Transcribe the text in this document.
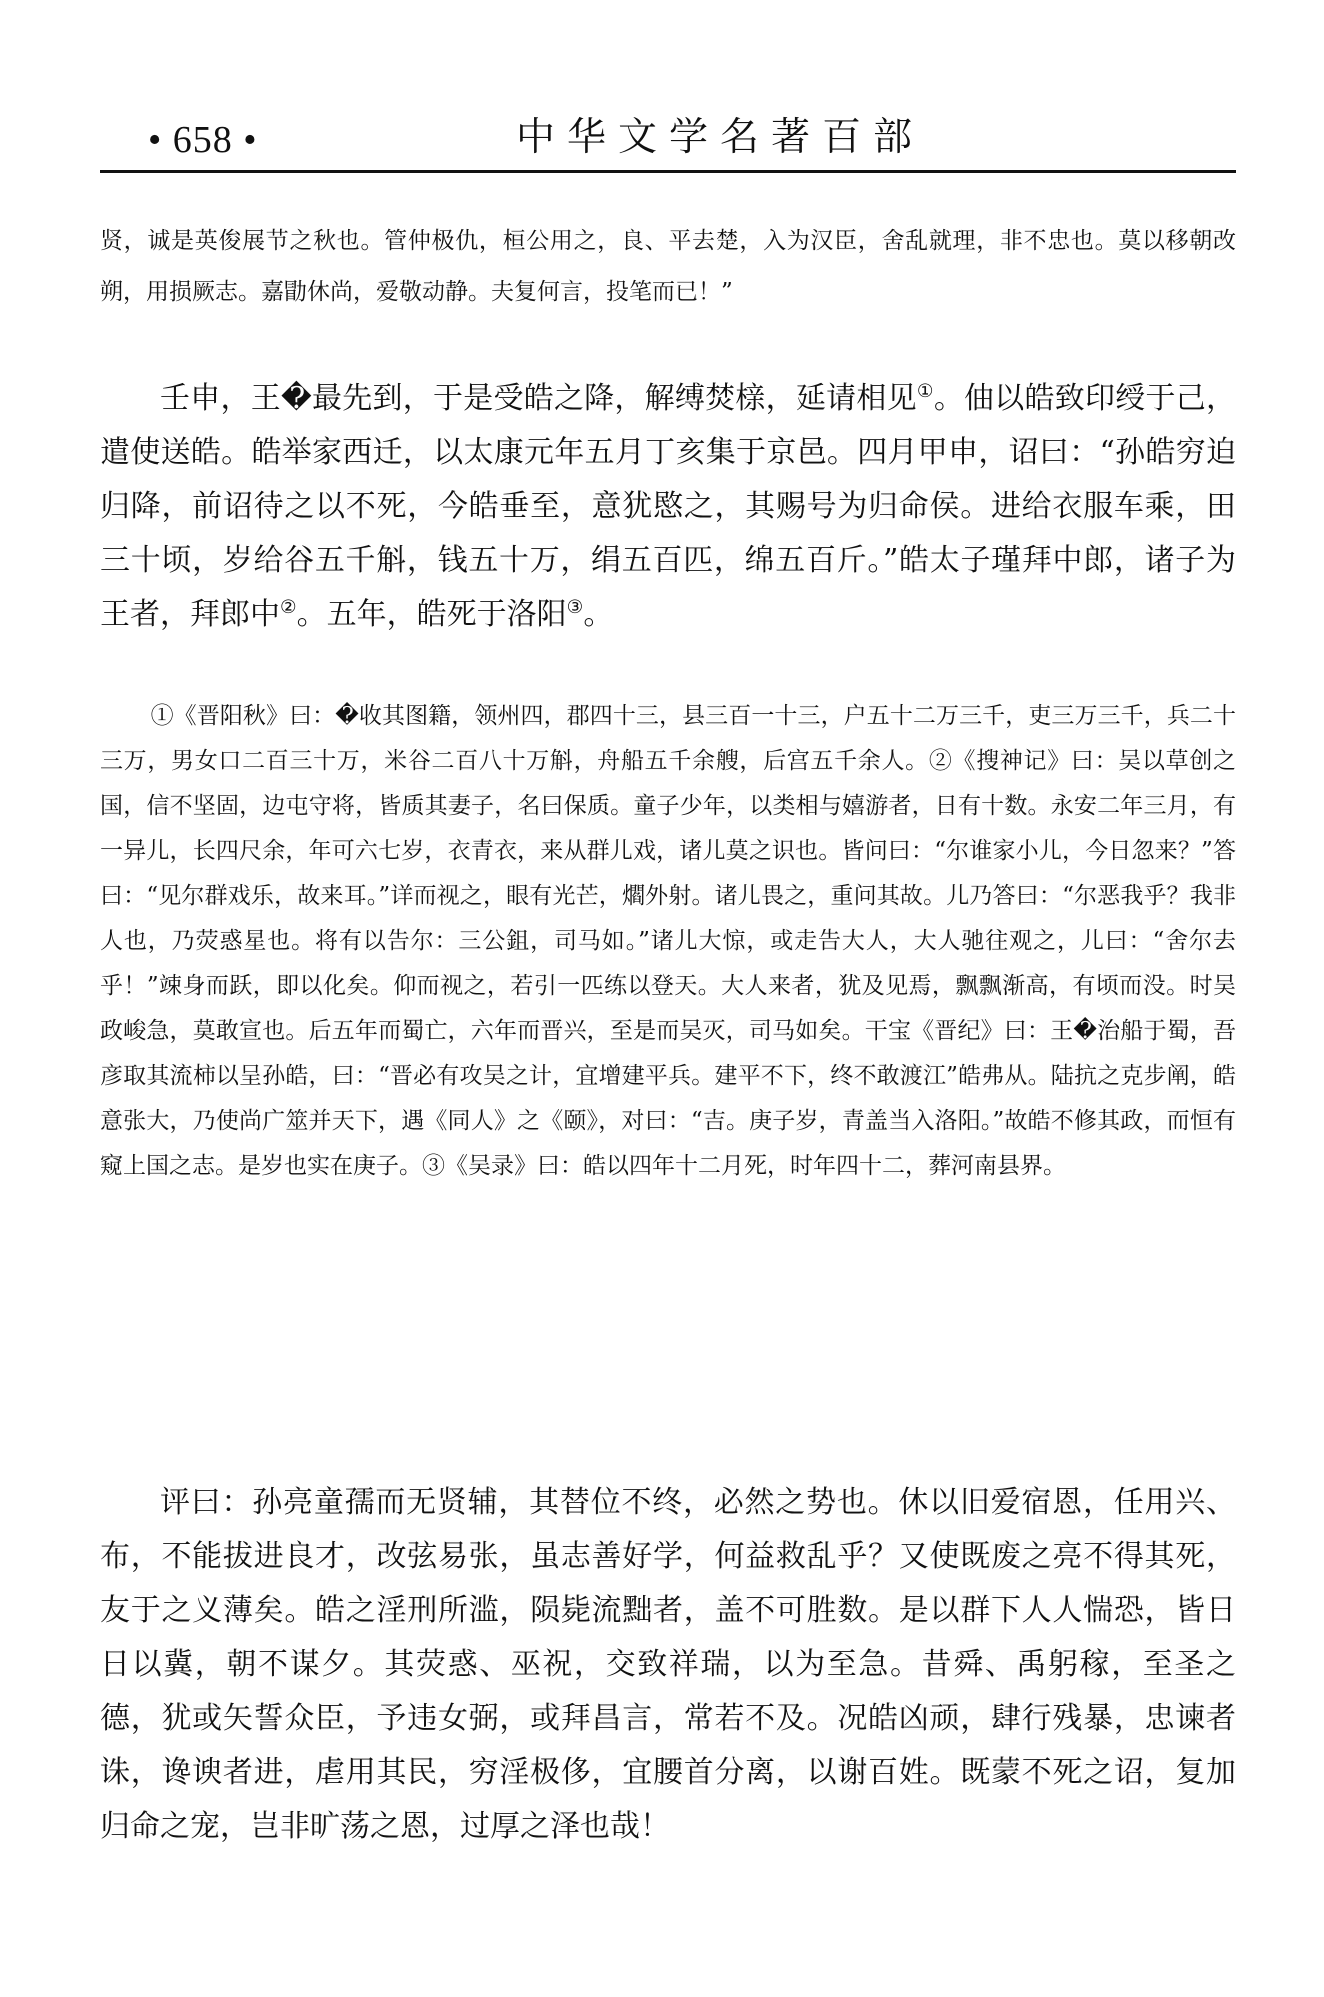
• 658 •	中华文学名著百部
贤，诚是英俊展节之秋也。管仲极仇，桓公用之，良、平去楚，入为汉臣，舍乱就理，非不忠也。莫以移朝改朔，用损厥志。嘉勖休尚，爱敬动静。夫复何言，投笔而已！”
壬申，王�最先到，于是受皓之降，解缚焚榇，延请相见①。伷以皓致印绶于己，遣使送皓。皓举家西迁，以太康元年五月丁亥集于京邑。四月甲申，诏曰：“孙皓穷迫归降，前诏待之以不死，今皓垂至，意犹愍之，其赐号为归命侯。进给衣服车乘，田三十顷，岁给谷五千斛，钱五十万，绢五百匹，绵五百斤。”皓太子瑾拜中郎，诸子为王者，拜郎中②。五年，皓死于洛阳③。
①《晋阳秋》曰：�收其图籍，领州四，郡四十三，县三百一十三，户五十二万三千，吏三万三千，兵二十三万，男女口二百三十万，米谷二百八十万斛，舟船五千余艘，后宫五千余人。②《搜神记》曰：吴以草创之国，信不坚固，边屯守将，皆质其妻子，名曰保质。童子少年，以类相与嬉游者，日有十数。永安二年三月，有一异儿，长四尺余，年可六七岁，衣青衣，来从群儿戏，诸儿莫之识也。皆问曰：“尔谁家小儿，今日忽来？”答曰：“见尔群戏乐，故来耳。”详而视之，眼有光芒，爓外射。诸儿畏之，重问其故。儿乃答曰：“尔恶我乎？我非人也，乃荧惑星也。将有以告尔：三公鉏，司马如。”诸儿大惊，或走告大人，大人驰往观之，儿曰：“舍尔去乎！”竦身而跃，即以化矣。仰而视之，若引一匹练以登天。大人来者，犹及见焉，飘飘渐高，有顷而没。时吴政峻急，莫敢宣也。后五年而蜀亡，六年而晋兴，至是而吴灭，司马如矣。干宝《晋纪》曰：王�治船于蜀，吾彦取其流柿以呈孙皓，曰：“晋必有攻吴之计，宜增建平兵。建平不下，终不敢渡江”皓弗从。陆抗之克步阐，皓意张大，乃使尚广筮并天下，遇《同人》之《颐》，对曰：“吉。庚子岁，青盖当入洛阳。”故皓不修其政，而恒有窥上国之志。是岁也实在庚子。③《吴录》曰：皓以四年十二月死，时年四十二，葬河南县界。
评曰：孙亮童孺而无贤辅，其替位不终，必然之势也。休以旧爱宿恩，任用兴、布，不能拔进良才，改弦易张，虽志善好学，何益救乱乎？又使既废之亮不得其死，友于之义薄矣。皓之淫刑所滥，陨毙流黜者，盖不可胜数。是以群下人人惴恐，皆日日以冀，朝不谋夕。其荧惑、巫祝，交致祥瑞，以为至急。昔舜、禹躬稼，至圣之德，犹或矢誓众臣，予违女弼，或拜昌言，常若不及。况皓凶顽，肆行残暴，忠谏者诛，谗谀者进，虐用其民，穷淫极侈，宜腰首分离，以谢百姓。既蒙不死之诏，复加归命之宠，岂非旷荡之恩，过厚之泽也哉！
